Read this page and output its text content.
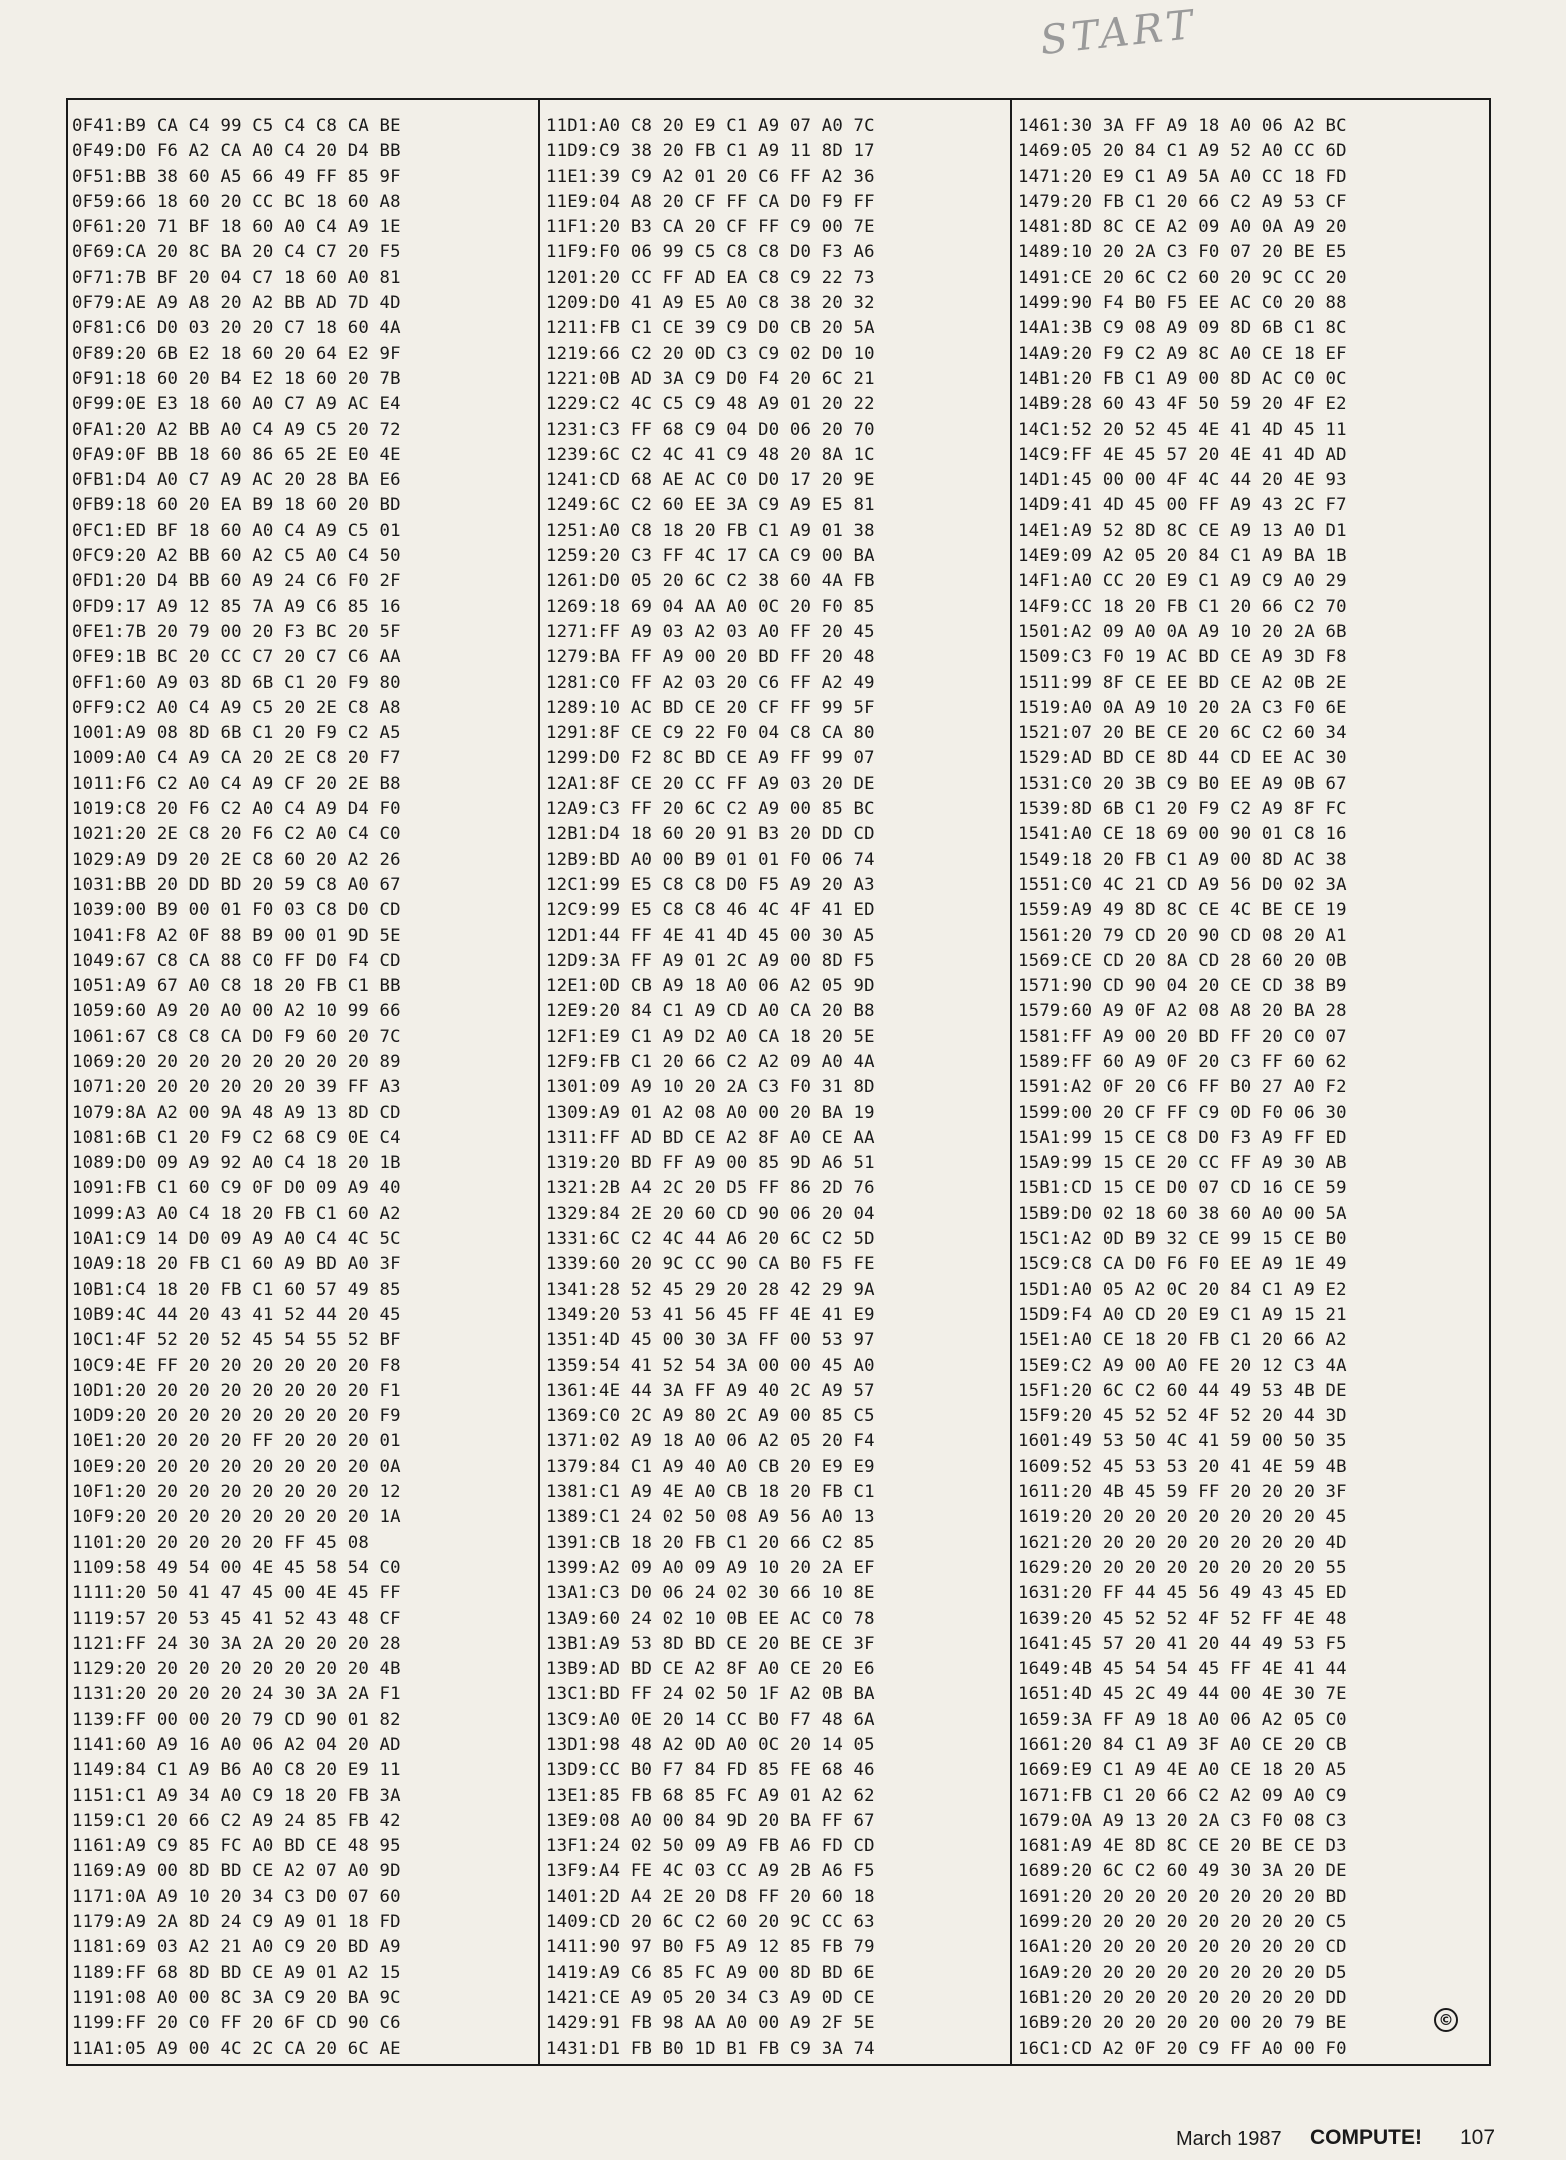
START
0F41:B9 CA C4 99 C5 C4 C8 CA BE
0F49:D0 F6 A2 CA A0 C4 20 D4 BB
0F51:BB 38 60 A5 66 49 FF 85 9F
0F59:66 18 60 20 CC BC 18 60 A8
0F61:20 71 BF 18 60 A0 C4 A9 1E
0F69:CA 20 8C BA 20 C4 C7 20 F5
0F71:7B BF 20 04 C7 18 60 A0 81
0F79:AE A9 A8 20 A2 BB AD 7D 4D
0F81:C6 D0 03 20 20 C7 18 60 4A
0F89:20 6B E2 18 60 20 64 E2 9F
0F91:18 60 20 B4 E2 18 60 20 7B
0F99:0E E3 18 60 A0 C7 A9 AC E4
0FA1:20 A2 BB A0 C4 A9 C5 20 72
0FA9:0F BB 18 60 86 65 2E E0 4E
0FB1:D4 A0 C7 A9 AC 20 28 BA E6
0FB9:18 60 20 EA B9 18 60 20 BD
0FC1:ED BF 18 60 A0 C4 A9 C5 01
0FC9:20 A2 BB 60 A2 C5 A0 C4 50
0FD1:20 D4 BB 60 A9 24 C6 F0 2F
0FD9:17 A9 12 85 7A A9 C6 85 16
0FE1:7B 20 79 00 20 F3 BC 20 5F
0FE9:1B BC 20 CC C7 20 C7 C6 AA
0FF1:60 A9 03 8D 6B C1 20 F9 80
0FF9:C2 A0 C4 A9 C5 20 2E C8 A8
1001:A9 08 8D 6B C1 20 F9 C2 A5
1009:A0 C4 A9 CA 20 2E C8 20 F7
1011:F6 C2 A0 C4 A9 CF 20 2E B8
1019:C8 20 F6 C2 A0 C4 A9 D4 F0
1021:20 2E C8 20 F6 C2 A0 C4 C0
1029:A9 D9 20 2E C8 60 20 A2 26
1031:BB 20 DD BD 20 59 C8 A0 67
1039:00 B9 00 01 F0 03 C8 D0 CD
1041:F8 A2 0F 88 B9 00 01 9D 5E
1049:67 C8 CA 88 C0 FF D0 F4 CD
1051:A9 67 A0 C8 18 20 FB C1 BB
1059:60 A9 20 A0 00 A2 10 99 66
1061:67 C8 C8 CA D0 F9 60 20 7C
1069:20 20 20 20 20 20 20 20 89
1071:20 20 20 20 20 20 39 FF A3
1079:8A A2 00 9A 48 A9 13 8D CD
1081:6B C1 20 F9 C2 68 C9 0E C4
1089:D0 09 A9 92 A0 C4 18 20 1B
1091:FB C1 60 C9 0F D0 09 A9 40
1099:A3 A0 C4 18 20 FB C1 60 A2
10A1:C9 14 D0 09 A9 A0 C4 4C 5C
10A9:18 20 FB C1 60 A9 BD A0 3F
10B1:C4 18 20 FB C1 60 57 49 85
10B9:4C 44 20 43 41 52 44 20 45
10C1:4F 52 20 52 45 54 55 52 BF
10C9:4E FF 20 20 20 20 20 20 F8
10D1:20 20 20 20 20 20 20 20 F1
10D9:20 20 20 20 20 20 20 20 F9
10E1:20 20 20 20 FF 20 20 20 01
10E9:20 20 20 20 20 20 20 20 0A
10F1:20 20 20 20 20 20 20 20 12
10F9:20 20 20 20 20 20 20 20 1A
1101:20 20 20 20 20 FF 45 08
1109:58 49 54 00 4E 45 58 54 C0
1111:20 50 41 47 45 00 4E 45 FF
1119:57 20 53 45 41 52 43 48 CF
1121:FF 24 30 3A 2A 20 20 20 28
1129:20 20 20 20 20 20 20 20 4B
1131:20 20 20 20 24 30 3A 2A F1
1139:FF 00 00 20 79 CD 90 01 82
1141:60 A9 16 A0 06 A2 04 20 AD
1149:84 C1 A9 B6 A0 C8 20 E9 11
1151:C1 A9 34 A0 C9 18 20 FB 3A
1159:C1 20 66 C2 A9 24 85 FB 42
1161:A9 C9 85 FC A0 BD CE 48 95
1169:A9 00 8D BD CE A2 07 A0 9D
1171:0A A9 10 20 34 C3 D0 07 60
1179:A9 2A 8D 24 C9 A9 01 18 FD
1181:69 03 A2 21 A0 C9 20 BD A9
1189:FF 68 8D BD CE A9 01 A2 15
1191:08 A0 00 8C 3A C9 20 BA 9C
1199:FF 20 C0 FF 20 6F CD 90 C6
11A1:05 A9 00 4C 2C CA 20 6C AE
11D1:A0 C8 20 E9 C1 A9 07 A0 7C
11D9:C9 38 20 FB C1 A9 11 8D 17
11E1:39 C9 A2 01 20 C6 FF A2 36
11E9:04 A8 20 CF FF CA D0 F9 FF
11F1:20 B3 CA 20 CF FF C9 00 7E
11F9:F0 06 99 C5 C8 C8 D0 F3 A6
1201:20 CC FF AD EA C8 C9 22 73
1209:D0 41 A9 E5 A0 C8 38 20 32
1211:FB C1 CE 39 C9 D0 CB 20 5A
1219:66 C2 20 0D C3 C9 02 D0 10
1221:0B AD 3A C9 D0 F4 20 6C 21
1229:C2 4C C5 C9 48 A9 01 20 22
1231:C3 FF 68 C9 04 D0 06 20 70
1239:6C C2 4C 41 C9 48 20 8A 1C
1241:CD 68 AE AC C0 D0 17 20 9E
1249:6C C2 60 EE 3A C9 A9 E5 81
1251:A0 C8 18 20 FB C1 A9 01 38
1259:20 C3 FF 4C 17 CA C9 00 BA
1261:D0 05 20 6C C2 38 60 4A FB
1269:18 69 04 AA A0 0C 20 F0 85
1271:FF A9 03 A2 03 A0 FF 20 45
1279:BA FF A9 00 20 BD FF 20 48
1281:C0 FF A2 03 20 C6 FF A2 49
1289:10 AC BD CE 20 CF FF 99 5F
1291:8F CE C9 22 F0 04 C8 CA 80
1299:D0 F2 8C BD CE A9 FF 99 07
12A1:8F CE 20 CC FF A9 03 20 DE
12A9:C3 FF 20 6C C2 A9 00 85 BC
12B1:D4 18 60 20 91 B3 20 DD CD
12B9:BD A0 00 B9 01 01 F0 06 74
12C1:99 E5 C8 C8 D0 F5 A9 20 A3
12C9:99 E5 C8 C8 46 4C 4F 41 ED
12D1:44 FF 4E 41 4D 45 00 30 A5
12D9:3A FF A9 01 2C A9 00 8D F5
12E1:0D CB A9 18 A0 06 A2 05 9D
12E9:20 84 C1 A9 CD A0 CA 20 B8
12F1:E9 C1 A9 D2 A0 CA 18 20 5E
12F9:FB C1 20 66 C2 A2 09 A0 4A
1301:09 A9 10 20 2A C3 F0 31 8D
1309:A9 01 A2 08 A0 00 20 BA 19
1311:FF AD BD CE A2 8F A0 CE AA
1319:20 BD FF A9 00 85 9D A6 51
1321:2B A4 2C 20 D5 FF 86 2D 76
1329:84 2E 20 60 CD 90 06 20 04
1331:6C C2 4C 44 A6 20 6C C2 5D
1339:60 20 9C CC 90 CA B0 F5 FE
1341:28 52 45 29 20 28 42 29 9A
1349:20 53 41 56 45 FF 4E 41 E9
1351:4D 45 00 30 3A FF 00 53 97
1359:54 41 52 54 3A 00 00 45 A0
1361:4E 44 3A FF A9 40 2C A9 57
1369:C0 2C A9 80 2C A9 00 85 C5
1371:02 A9 18 A0 06 A2 05 20 F4
1379:84 C1 A9 40 A0 CB 20 E9 E9
1381:C1 A9 4E A0 CB 18 20 FB C1
1389:C1 24 02 50 08 A9 56 A0 13
1391:CB 18 20 FB C1 20 66 C2 85
1399:A2 09 A0 09 A9 10 20 2A EF
13A1:C3 D0 06 24 02 30 66 10 8E
13A9:60 24 02 10 0B EE AC C0 78
13B1:A9 53 8D BD CE 20 BE CE 3F
13B9:AD BD CE A2 8F A0 CE 20 E6
13C1:BD FF 24 02 50 1F A2 0B BA
13C9:A0 0E 20 14 CC B0 F7 48 6A
13D1:98 48 A2 0D A0 0C 20 14 05
13D9:CC B0 F7 84 FD 85 FE 68 46
13E1:85 FB 68 85 FC A9 01 A2 62
13E9:08 A0 00 84 9D 20 BA FF 67
13F1:24 02 50 09 A9 FB A6 FD CD
13F9:A4 FE 4C 03 CC A9 2B A6 F5
1401:2D A4 2E 20 D8 FF 20 60 18
1409:CD 20 6C C2 60 20 9C CC 63
1411:90 97 B0 F5 A9 12 85 FB 79
1419:A9 C6 85 FC A9 00 8D BD 6E
1421:CE A9 05 20 34 C3 A9 0D CE
1429:91 FB 98 AA A0 00 A9 2F 5E
1431:D1 FB B0 1D B1 FB C9 3A 74
1461:30 3A FF A9 18 A0 06 A2 BC
1469:05 20 84 C1 A9 52 A0 CC 6D
1471:20 E9 C1 A9 5A A0 CC 18 FD
1479:20 FB C1 20 66 C2 A9 53 CF
1481:8D 8C CE A2 09 A0 0A A9 20
1489:10 20 2A C3 F0 07 20 BE E5
1491:CE 20 6C C2 60 20 9C CC 20
1499:90 F4 B0 F5 EE AC C0 20 88
14A1:3B C9 08 A9 09 8D 6B C1 8C
14A9:20 F9 C2 A9 8C A0 CE 18 EF
14B1:20 FB C1 A9 00 8D AC C0 0C
14B9:28 60 43 4F 50 59 20 4F E2
14C1:52 20 52 45 4E 41 4D 45 11
14C9:FF 4E 45 57 20 4E 41 4D AD
14D1:45 00 00 4F 4C 44 20 4E 93
14D9:41 4D 45 00 FF A9 43 2C F7
14E1:A9 52 8D 8C CE A9 13 A0 D1
14E9:09 A2 05 20 84 C1 A9 BA 1B
14F1:A0 CC 20 E9 C1 A9 C9 A0 29
14F9:CC 18 20 FB C1 20 66 C2 70
1501:A2 09 A0 0A A9 10 20 2A 6B
1509:C3 F0 19 AC BD CE A9 3D F8
1511:99 8F CE EE BD CE A2 0B 2E
1519:A0 0A A9 10 20 2A C3 F0 6E
1521:07 20 BE CE 20 6C C2 60 34
1529:AD BD CE 8D 44 CD EE AC 30
1531:C0 20 3B C9 B0 EE A9 0B 67
1539:8D 6B C1 20 F9 C2 A9 8F FC
1541:A0 CE 18 69 00 90 01 C8 16
1549:18 20 FB C1 A9 00 8D AC 38
1551:C0 4C 21 CD A9 56 D0 02 3A
1559:A9 49 8D 8C CE 4C BE CE 19
1561:20 79 CD 20 90 CD 08 20 A1
1569:CE CD 20 8A CD 28 60 20 0B
1571:90 CD 90 04 20 CE CD 38 B9
1579:60 A9 0F A2 08 A8 20 BA 28
1581:FF A9 00 20 BD FF 20 C0 07
1589:FF 60 A9 0F 20 C3 FF 60 62
1591:A2 0F 20 C6 FF B0 27 A0 F2
1599:00 20 CF FF C9 0D F0 06 30
15A1:99 15 CE C8 D0 F3 A9 FF ED
15A9:99 15 CE 20 CC FF A9 30 AB
15B1:CD 15 CE D0 07 CD 16 CE 59
15B9:D0 02 18 60 38 60 A0 00 5A
15C1:A2 0D B9 32 CE 99 15 CE B0
15C9:C8 CA D0 F6 F0 EE A9 1E 49
15D1:A0 05 A2 0C 20 84 C1 A9 E2
15D9:F4 A0 CD 20 E9 C1 A9 15 21
15E1:A0 CE 18 20 FB C1 20 66 A2
15E9:C2 A9 00 A0 FE 20 12 C3 4A
15F1:20 6C C2 60 44 49 53 4B DE
15F9:20 45 52 52 4F 52 20 44 3D
1601:49 53 50 4C 41 59 00 50 35
1609:52 45 53 53 20 41 4E 59 4B
1611:20 4B 45 59 FF 20 20 20 3F
1619:20 20 20 20 20 20 20 20 45
1621:20 20 20 20 20 20 20 20 4D
1629:20 20 20 20 20 20 20 20 55
1631:20 FF 44 45 56 49 43 45 ED
1639:20 45 52 52 4F 52 FF 4E 48
1641:45 57 20 41 20 44 49 53 F5
1649:4B 45 54 54 45 FF 4E 41 44
1651:4D 45 2C 49 44 00 4E 30 7E
1659:3A FF A9 18 A0 06 A2 05 C0
1661:20 84 C1 A9 3F A0 CE 20 CB
1669:E9 C1 A9 4E A0 CE 18 20 A5
1671:FB C1 20 66 C2 A2 09 A0 C9
1679:0A A9 13 20 2A C3 F0 08 C3
1681:A9 4E 8D 8C CE 20 BE CE D3
1689:20 6C C2 60 49 30 3A 20 DE
1691:20 20 20 20 20 20 20 20 BD
1699:20 20 20 20 20 20 20 20 C5
16A1:20 20 20 20 20 20 20 20 CD
16A9:20 20 20 20 20 20 20 20 D5
16B1:20 20 20 20 20 20 20 20 DD
16B9:20 20 20 20 20 00 20 79 BE
16C1:CD A2 0F 20 C9 FF A0 00 F0
©
March 1987 COMPUTE! 107
